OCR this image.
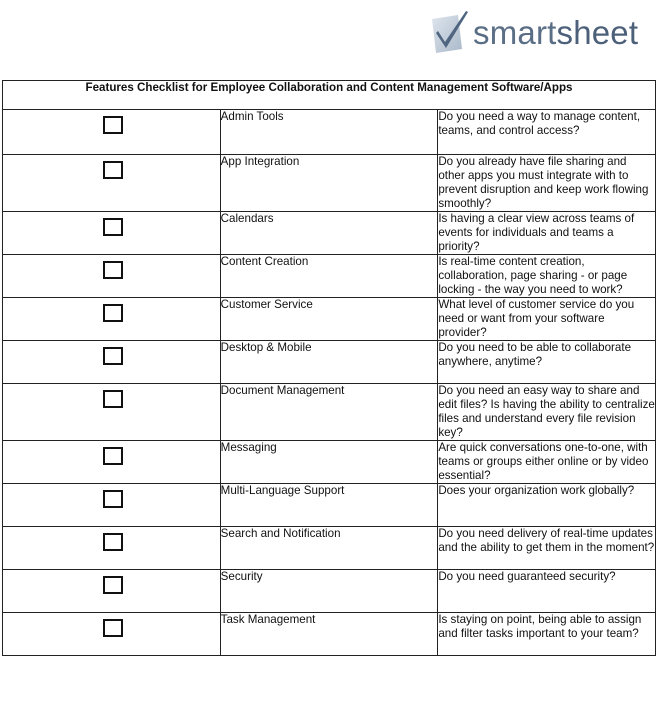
smartsheet
Features Checklist for Employee Collaboration and Content Management Software/Apps		
	Admin Tools	Do you need a way to manage content, teams, and control access?
	App Integration	Do you already have file sharing and other apps you must integrate with to prevent disruption and keep work flowing smoothly?
	Calendars	Is having a clear view across teams of events for individuals and teams a priority?
	Content Creation	Is real-time content creation, collaboration, page sharing - or page locking - the way you need to work?
	Customer Service	What level of customer service do you need or want from your software provider?
	Desktop & Mobile	Do you need to be able to collaborate anywhere, anytime?
	Document Management	Do you need an easy way to share and edit files? Is having the ability to centralize files and understand every file revision key?
	Messaging	Are quick conversations one-to-one, with teams or groups either online or by video essential?
	Multi-Language Support	Does your organization work globally?
	Search and Notification	Do you need delivery of real-time updates and the ability to get them in the moment?
	Security	Do you need guaranteed security?
	Task Management	Is staying on point, being able to assign and filter tasks important to your team?
